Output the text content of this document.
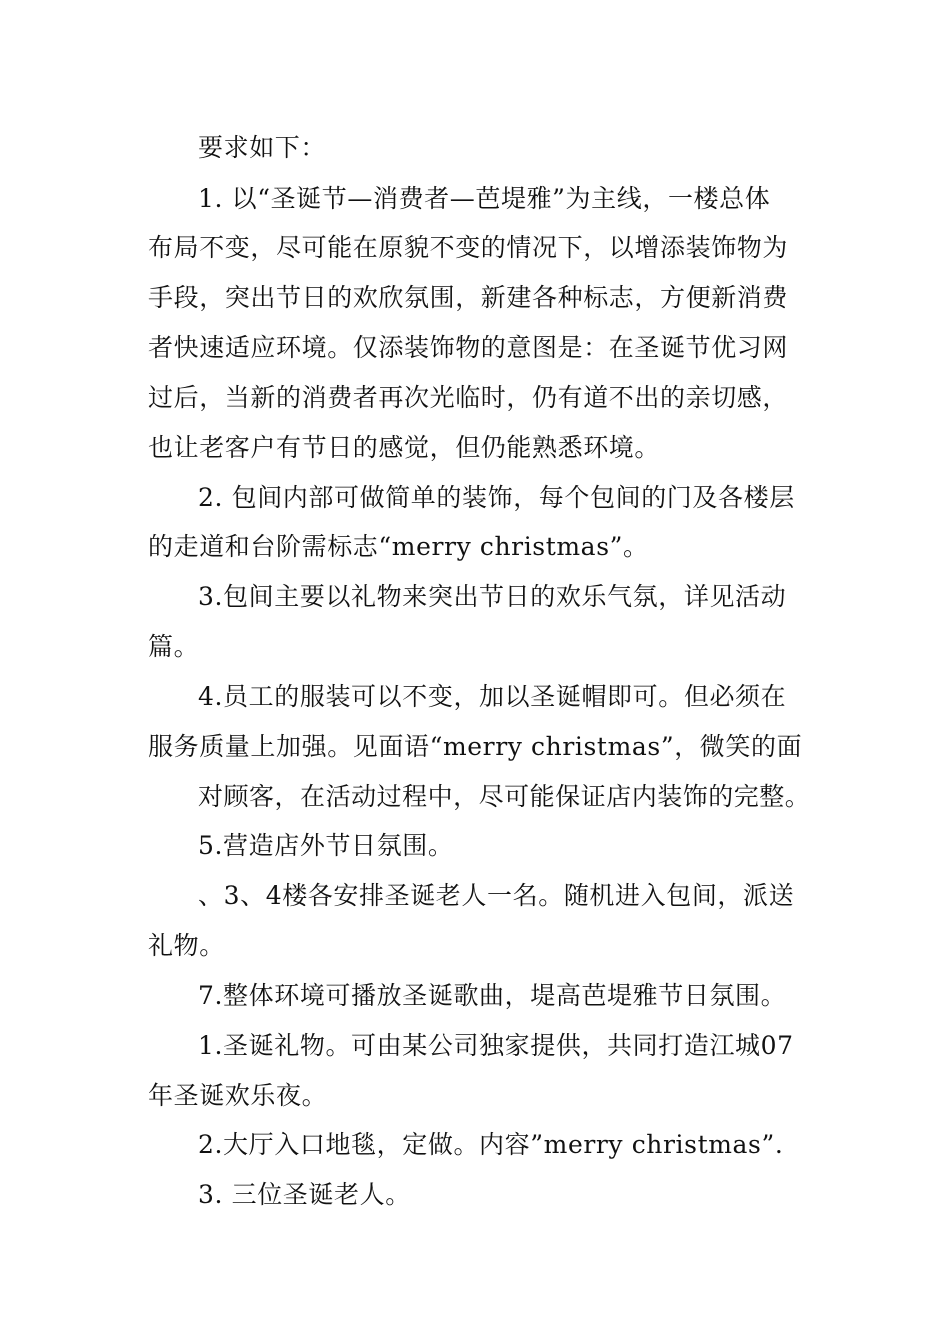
要求如下：
1. 以“圣诞节—消费者—芭堤雅”为主线，一楼总体
布局不变，尽可能在原貌不变的情况下，以增添装饰物为
手段，突出节日的欢欣氛围，新建各种标志，方便新消费
者快速适应环境。仅添装饰物的意图是：在圣诞节优习网
过后，当新的消费者再次光临时，仍有道不出的亲切感，
也让老客户有节日的感觉，但仍能熟悉环境。
2. 包间内部可做简单的装饰，每个包间的门及各楼层
的走道和台阶需标志“merry christmas”。
3.包间主要以礼物来突出节日的欢乐气氛，详见活动
篇。
4.员工的服装可以不变，加以圣诞帽即可。但必须在
服务质量上加强。见面语“merry christmas”，微笑的面
对顾客，在活动过程中，尽可能保证店内装饰的完整。
5.营造店外节日氛围。
、3、4楼各安排圣诞老人一名。随机进入包间，派送
礼物。
7.整体环境可播放圣诞歌曲，堤高芭堤雅节日氛围。
1.圣诞礼物。可由某公司独家提供，共同打造江城07
年圣诞欢乐夜。
2.大厅入口地毯，定做。内容”merry christmas”.
3. 三位圣诞老人。
